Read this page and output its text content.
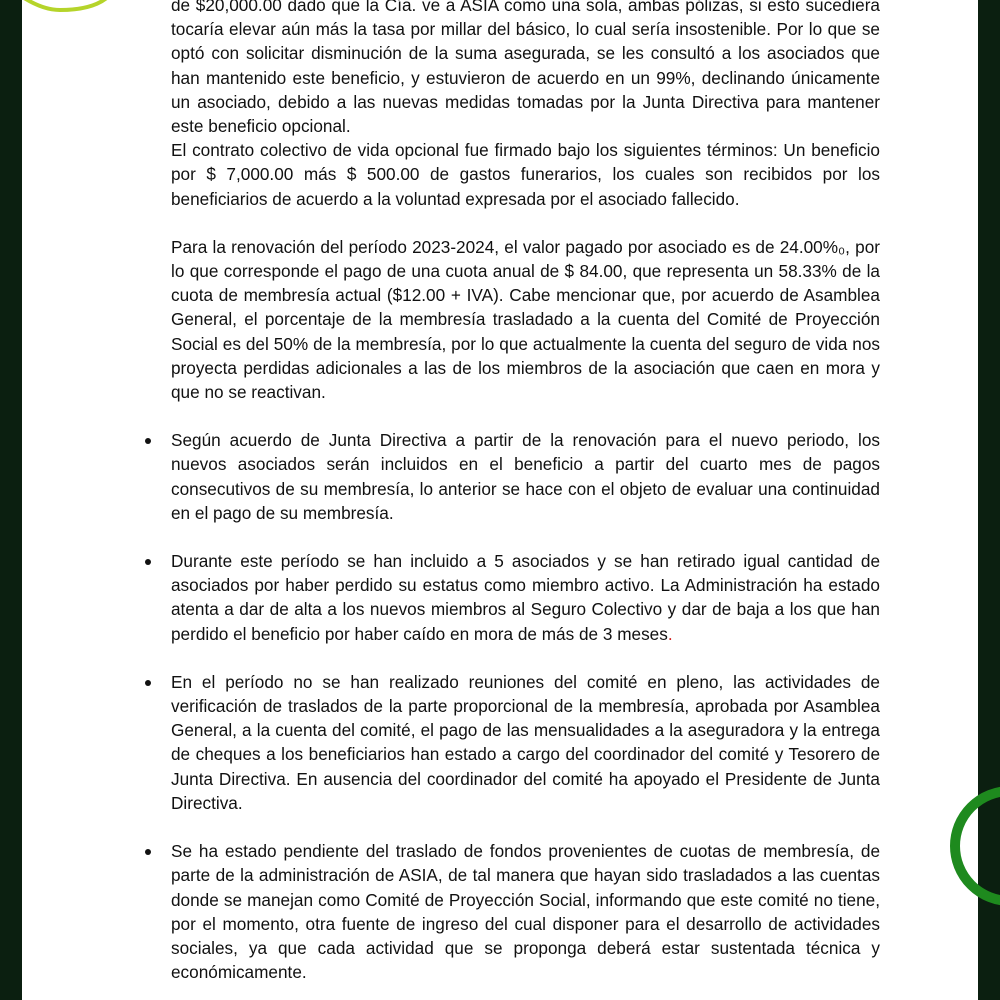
de $20,000.00 dado que la Cía. ve a ASIA como una sola, ambas pólizas, si esto sucediera tocaría elevar aún más la tasa por millar del básico, lo cual sería insostenible. Por lo que se optó con solicitar disminución de la suma asegurada, se les consultó a los asociados que han mantenido este beneficio, y estuvieron de acuerdo en un 99%, declinando únicamente un asociado, debido a las nuevas medidas tomadas por la Junta Directiva para mantener este beneficio opcional.

El contrato colectivo de vida opcional fue firmado bajo los siguientes términos: Un beneficio por $ 7,000.00 más $ 500.00 de gastos funerarios, los cuales son recibidos por los beneficiarios de acuerdo a la voluntad expresada por el asociado fallecido.

Para la renovación del período 2023-2024, el valor pagado por asociado es de 24.00%₀, por lo que corresponde el pago de una cuota anual de $ 84.00, que representa un 58.33% de la cuota de membresía actual ($12.00 + IVA). Cabe mencionar que, por acuerdo de Asamblea General, el porcentaje de la membresía trasladado a la cuenta del Comité de Proyección Social es del 50% de la membresía, por lo que actualmente la cuenta del seguro de vida nos proyecta perdidas adicionales a las de los miembros de la asociación que caen en mora y que no se reactivan.

Según acuerdo de Junta Directiva a partir de la renovación para el nuevo periodo, los nuevos asociados serán incluidos en el beneficio a partir del cuarto mes de pagos consecutivos de su membresía, lo anterior se hace con el objeto de evaluar una continuidad en el pago de su membresía.
Durante este período se han incluido a 5 asociados y se han retirado igual cantidad de asociados por haber perdido su estatus como miembro activo. La Administración ha estado atenta a dar de alta a los nuevos miembros al Seguro Colectivo y dar de baja a los que han perdido el beneficio por haber caído en mora de más de 3 meses.
En el período no se han realizado reuniones del comité en pleno, las actividades de verificación de traslados de la parte proporcional de la membresía, aprobada por Asamblea General, a la cuenta del comité, el pago de las mensualidades a la aseguradora y la entrega de cheques a los beneficiarios han estado a cargo del coordinador del comité y Tesorero de Junta Directiva. En ausencia del coordinador del comité ha apoyado el Presidente de Junta Directiva.
Se ha estado pendiente del traslado de fondos provenientes de cuotas de membresía, de parte de la administración de ASIA, de tal manera que hayan sido trasladados a las cuentas donde se manejan como Comité de Proyección Social, informando que este comité no tiene, por el momento, otra fuente de ingreso del cual disponer para el desarrollo de actividades sociales, ya que cada actividad que se proponga deberá estar sustentada técnica y económicamente.
